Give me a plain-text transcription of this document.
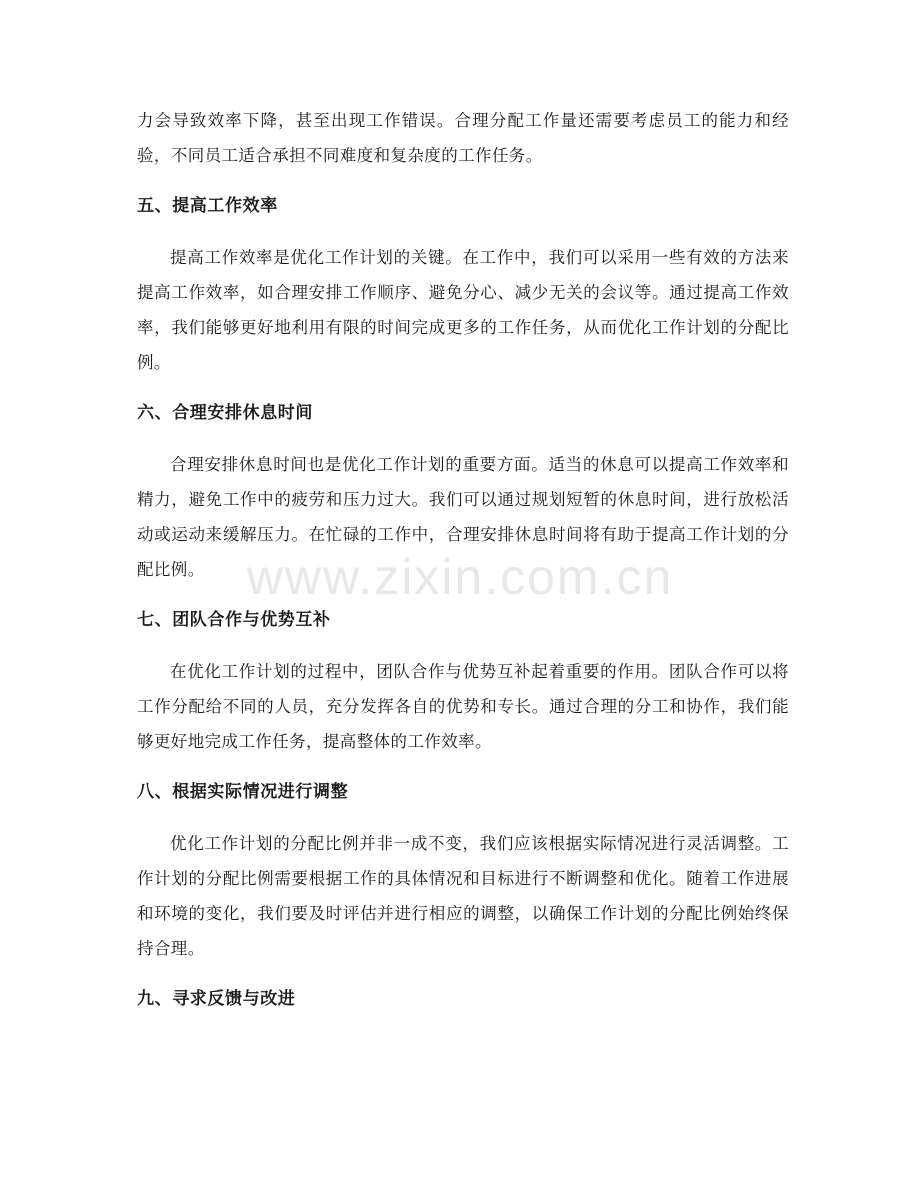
力会导致效率下降，甚至出现工作错误。合理分配工作量还需要考虑员工的能力和经验，不同员工适合承担不同难度和复杂度的工作任务。

五、提高工作效率

提高工作效率是优化工作计划的关键。在工作中，我们可以采用一些有效的方法来提高工作效率，如合理安排工作顺序、避免分心、减少无关的会议等。通过提高工作效率，我们能够更好地利用有限的时间完成更多的工作任务，从而优化工作计划的分配比例。

六、合理安排休息时间

合理安排休息时间也是优化工作计划的重要方面。适当的休息可以提高工作效率和精力，避免工作中的疲劳和压力过大。我们可以通过规划短暂的休息时间，进行放松活动或运动来缓解压力。在忙碌的工作中，合理安排休息时间将有助于提高工作计划的分配比例。

七、团队合作与优势互补

在优化工作计划的过程中，团队合作与优势互补起着重要的作用。团队合作可以将工作分配给不同的人员，充分发挥各自的优势和专长。通过合理的分工和协作，我们能够更好地完成工作任务，提高整体的工作效率。

八、根据实际情况进行调整

优化工作计划的分配比例并非一成不变，我们应该根据实际情况进行灵活调整。工作计划的分配比例需要根据工作的具体情况和目标进行不断调整和优化。随着工作进展和环境的变化，我们要及时评估并进行相应的调整，以确保工作计划的分配比例始终保持合理。

九、寻求反馈与改进
www.zixin.com.cn
